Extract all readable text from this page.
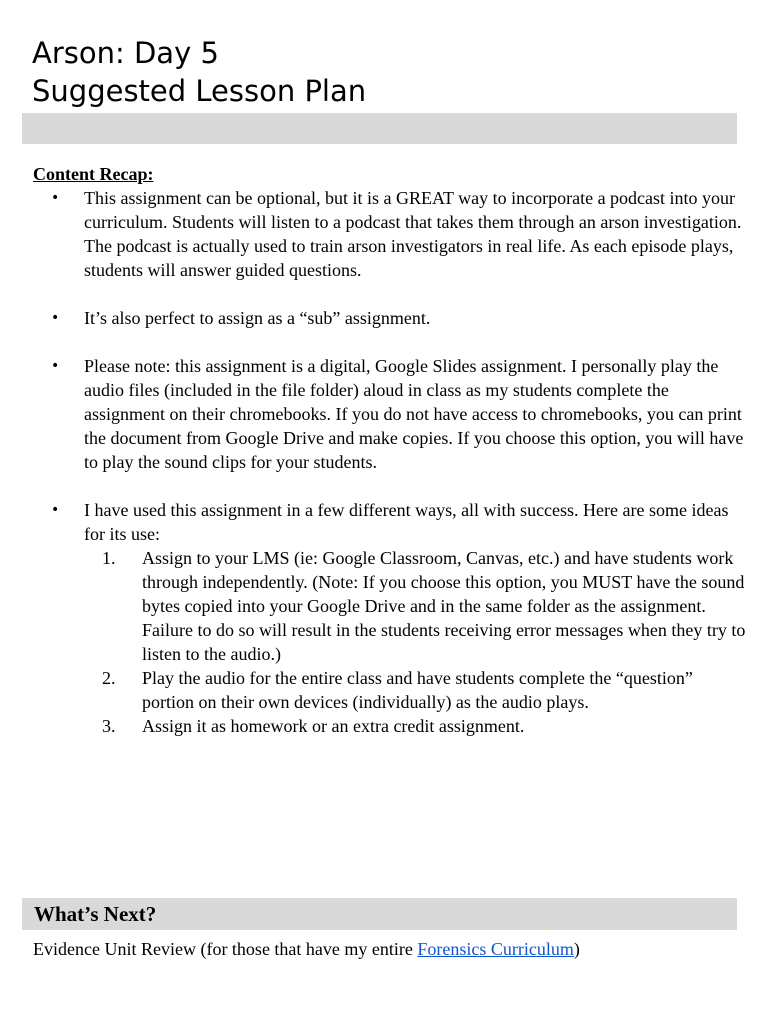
Arson: Day 5
Suggested Lesson Plan

Content Recap:

• This assignment can be optional, but it is a GREAT way to incorporate a podcast into your curriculum. Students will listen to a podcast that takes them through an arson investigation. The podcast is actually used to train arson investigators in real life. As each episode plays, students will answer guided questions.
• It’s also perfect to assign as a “sub” assignment.
• Please note: this assignment is a digital, Google Slides assignment. I personally play the audio files (included in the file folder) aloud in class as my students complete the assignment on their chromebooks. If you do not have access to chromebooks, you can print the document from Google Drive and make copies. If you choose this option, you will have to play the sound clips for your students.
• I have used this assignment in a few different ways, all with success. Here are some ideas for its use:
1. Assign to your LMS (ie: Google Classroom, Canvas, etc.) and have students work through independently. (Note: If you choose this option, you MUST have the sound bytes copied into your Google Drive and in the same folder as the assignment. Failure to do so will result in the students receiving error messages when they try to listen to the audio.)
2. Play the audio for the entire class and have students complete the “question” portion on their own devices (individually) as the audio plays.
3. Assign it as homework or an extra credit assignment.
What’s Next?
Evidence Unit Review (for those that have my entire Forensics Curriculum)
